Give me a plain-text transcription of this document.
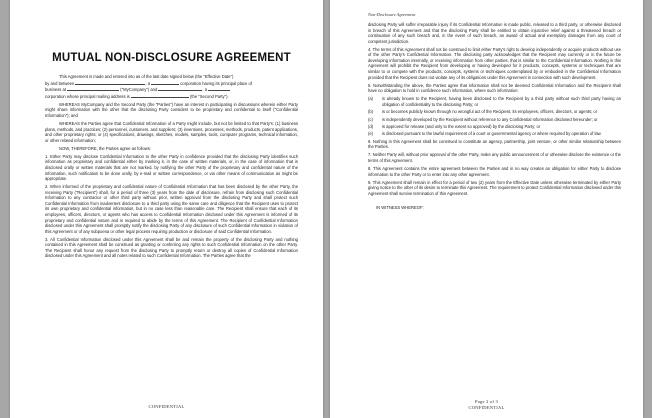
MUTUAL NON-DISCLOSURE AGREEMENT
This Agreement is made and entered into as of the last date signed below (the "Effective Date")
by and between	, a	corporation having its principal place of
business at	("MyCompany") and	, a
corporation whose principal mailing address is	(the "Second Party").
WHEREAS MyCompany and the Second Party (the "Parties") have an interest in participating in discussions wherein either Party might share information with the other that the disclosing Party considers to be proprietary and confidential to itself ("Confidential Information"); and
WHEREAS the Parties agree that Confidential Information of a Party might include, but not be limited to that Party's: (1) business plans, methods, and practices; (2) personnel, customers, and suppliers; (3) inventions, processes, methods, products, patent applications, and other proprietary rights; or (4) specifications, drawings, sketches, models, samples, tools, computer programs, technical information, or other related information;
NOW, THEREFORE, the Parties agree as follows:
1. Either Party may disclose Confidential Information to the other Party in confidence provided that the disclosing Party identifies such information as proprietary and confidential either by marking it, in the case of written materials, or, in the case of information that is disclosed orally or written materials that are not marked, by notifying the other Party of the proprietary and confidential nature of the information, such notification to be done orally, by e-mail or written correspondence, or via other means of communication as might be appropriate.
2. When informed of the proprietary and confidential nature of Confidential Information that has been disclosed by the other Party, the receiving Party ("Recipient") shall, for a period of three (3) years from the date of disclosure, refrain from disclosing such Confidential Information to any contractor or other third party without prior, written approval from the disclosing Party and shall protect such Confidential Information from inadvertent disclosure to a third party using the same care and diligence that the Recipient uses to protect its own proprietary and confidential information, but in no case less than reasonable care. The Recipient shall ensure that each of its employees, officers, directors, or agents who has access to Confidential Information disclosed under this Agreement is informed of its proprietary and confidential nature and is required to abide by the terms of this Agreement. The Recipient of Confidential Information disclosed under this Agreement shall promptly notify the disclosing Party of any disclosure of such Confidential Information in violation of this Agreement or of any subpoena or other legal process requiring production or disclosure of said Confidential Information.
3. All Confidential Information disclosed under this Agreement shall be and remain the property of the disclosing Party and nothing contained in this Agreement shall be construed as granting or conferring any rights to such Confidential Information on the other Party. The Recipient shall honor any request from the disclosing Party to promptly return or destroy all copies of Confidential Information disclosed under this Agreement and all notes related to such Confidential Information. The Parties agree that the
CONFIDENTIAL
Non-Disclosure Agreement
disclosing Party will suffer irreparable injury if its Confidential Information is made public, released to a third party, or otherwise disclosed in breach of this Agreement and that the disclosing Party shall be entitled to obtain injunctive relief against a threatened breach or continuation of any such breach and, in the event of such breach, an award of actual and exemplary damages from any court of competent jurisdiction.
4. The terms of this Agreement shall not be construed to limit either Party's right to develop independently or acquire products without use of the other Party's Confidential Information. The disclosing party acknowledges that the Recipient may currently or in the future be developing information internally, or receiving information from other parties, that is similar to the Confidential Information. Nothing in this Agreement will prohibit the Recipient from developing or having developed for it products, concepts, systems or techniques that are similar to or compete with the products, concepts, systems or techniques contemplated by or embodied in the Confidential Information provided that the Recipient does not violate any of its obligations under this Agreement in connection with such development.
5. Notwithstanding the above, the Parties agree that information shall not be deemed Confidential Information and the Recipient shall have no obligation to hold in confidence such information, where such information:
(a) is already known to the Recipient, having been disclosed to the Recipient by a third party without such third party having an obligation of confidentiality to the disclosing Party; or
(b) is or becomes publicly known through no wrongful act of the Recipient, its employees, officers, directors, or agents; or
(c) is independently developed by the Recipient without reference to any Confidential Information disclosed hereunder; or
(d) is approved for release (and only to the extent so approved) by the disclosing Party; or
(e) is disclosed pursuant to the lawful requirement of a court or governmental agency or where required by operation of law.
6. Nothing in this Agreement shall be construed to constitute an agency, partnership, joint venture, or other similar relationship between the Parties.
7. Neither Party will, without prior approval of the other Party, make any public announcement of or otherwise disclose the existence or the terms of this Agreement.
8. This Agreement contains the entire agreement between the Parties and in no way creates an obligation for either Party to disclose information to the other Party or to enter into any other agreement.
9. This Agreement shall remain in effect for a period of two (2) years from the Effective Date unless otherwise terminated by either Party giving notice to the other of its desire to terminate this Agreement. The requirement to protect Confidential Information disclosed under this Agreement shall survive termination of this Agreement.
IN WITNESS WHEREOF:
Page 2 of 3
CONFIDENTIAL
